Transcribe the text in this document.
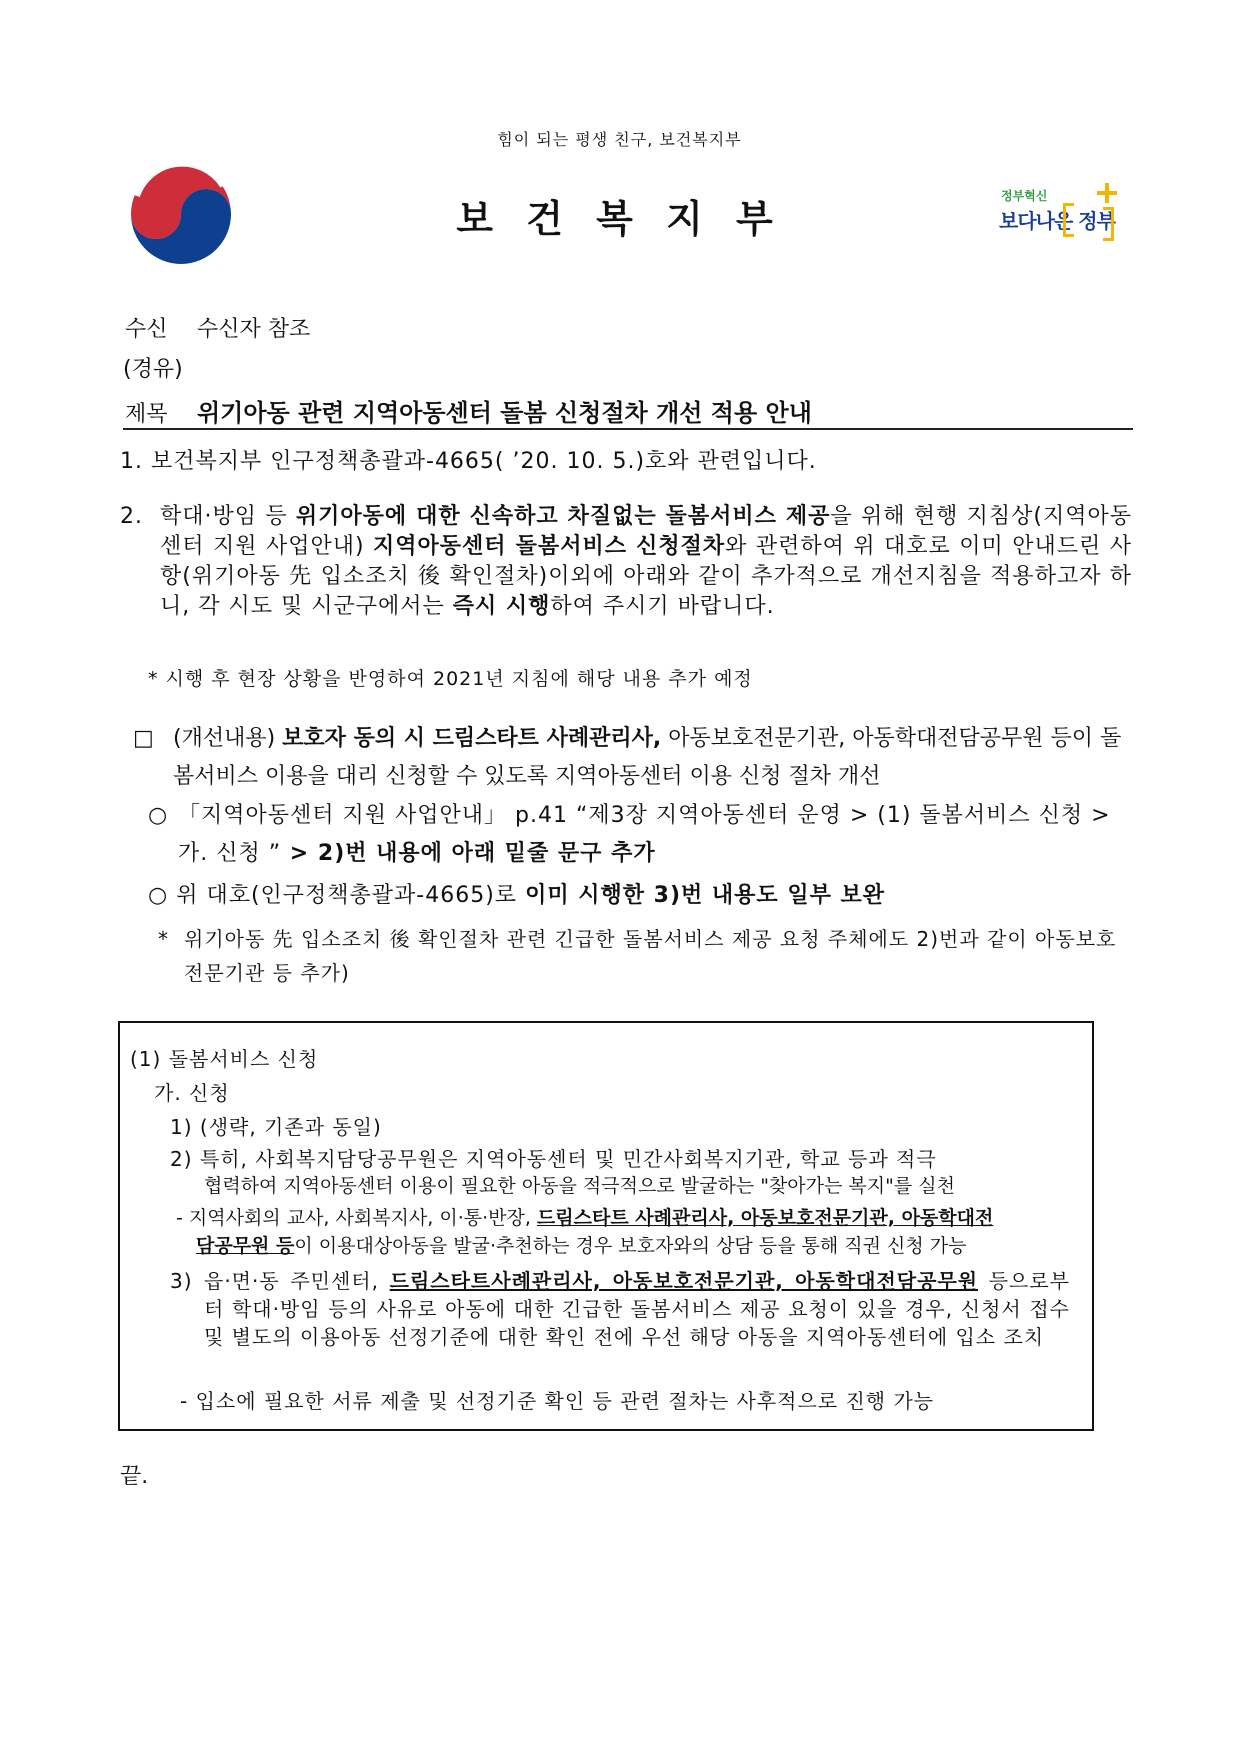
힘이 되는 평생 친구, 보건복지부
보 건 복 지 부
정부혁신
보다나은 정부
수신 수신자 참조
(경유)
제목 위기아동 관련 지역아동센터 돌봄 신청절차 개선 적용 안내
1. 보건복지부 인구정책총괄과-4665( ’20. 10. 5.)호와 관련입니다.
2. 학대·방임 등 위기아동에 대한 신속하고 차질없는 돌봄서비스 제공을 위해 현행 지침상(지역아동센터 지원 사업안내) 지역아동센터 돌봄서비스 신청절차와 관련하여 위 대호로 이미 안내드린 사항(위기아동 先 입소조치 後 확인절차)이외에 아래와 같이 추가적으로 개선지침을 적용하고자 하니, 각 시도 및 시군구에서는 즉시 시행하여 주시기 바랍니다.
* 시행 후 현장 상황을 반영하여 2021년 지침에 해당 내용 추가 예정
□ (개선내용) 보호자 동의 시 드림스타트 사례관리사, 아동보호전문기관, 아동학대전담공무원 등이 돌봄서비스 이용을 대리 신청할 수 있도록 지역아동센터 이용 신청 절차 개선
○ 「지역아동센터 지원 사업안내」 p.41 “제3장 지역아동센터 운영 > (1) 돌봄서비스 신청 > 가. 신청 ” > 2)번 내용에 아래 밑줄 문구 추가
○ 위 대호(인구정책총괄과-4665)로 이미 시행한 3)번 내용도 일부 보완
* 위기아동 先 입소조치 後 확인절차 관련 긴급한 돌봄서비스 제공 요청 주체에도 2)번과 같이 아동보호전문기관 등 추가)
(1) 돌봄서비스 신청
가. 신청
1) (생략, 기존과 동일)
2) 특히, 사회복지담당공무원은 지역아동센터 및 민간사회복지기관, 학교 등과 적극
협력하여 지역아동센터 이용이 필요한 아동을 적극적으로 발굴하는 "찾아가는 복지"를 실천
- 지역사회의 교사, 사회복지사, 이·통·반장, 드림스타트 사례관리사, 아동보호전문기관, 아동학대전
담공무원 등이 이용대상아동을 발굴·추천하는 경우 보호자와의 상담 등을 통해 직권 신청 가능
3) 읍·면·동 주민센터, 드림스타트사례관리사, 아동보호전문기관, 아동학대전담공무원 등으로부터 학대·방임 등의 사유로 아동에 대한 긴급한 돌봄서비스 제공 요청이 있을 경우, 신청서 접수 및 별도의 이용아동 선정기준에 대한 확인 전에 우선 해당 아동을 지역아동센터에 입소 조치
- 입소에 필요한 서류 제출 및 선정기준 확인 등 관련 절차는 사후적으로 진행 가능
끝.
